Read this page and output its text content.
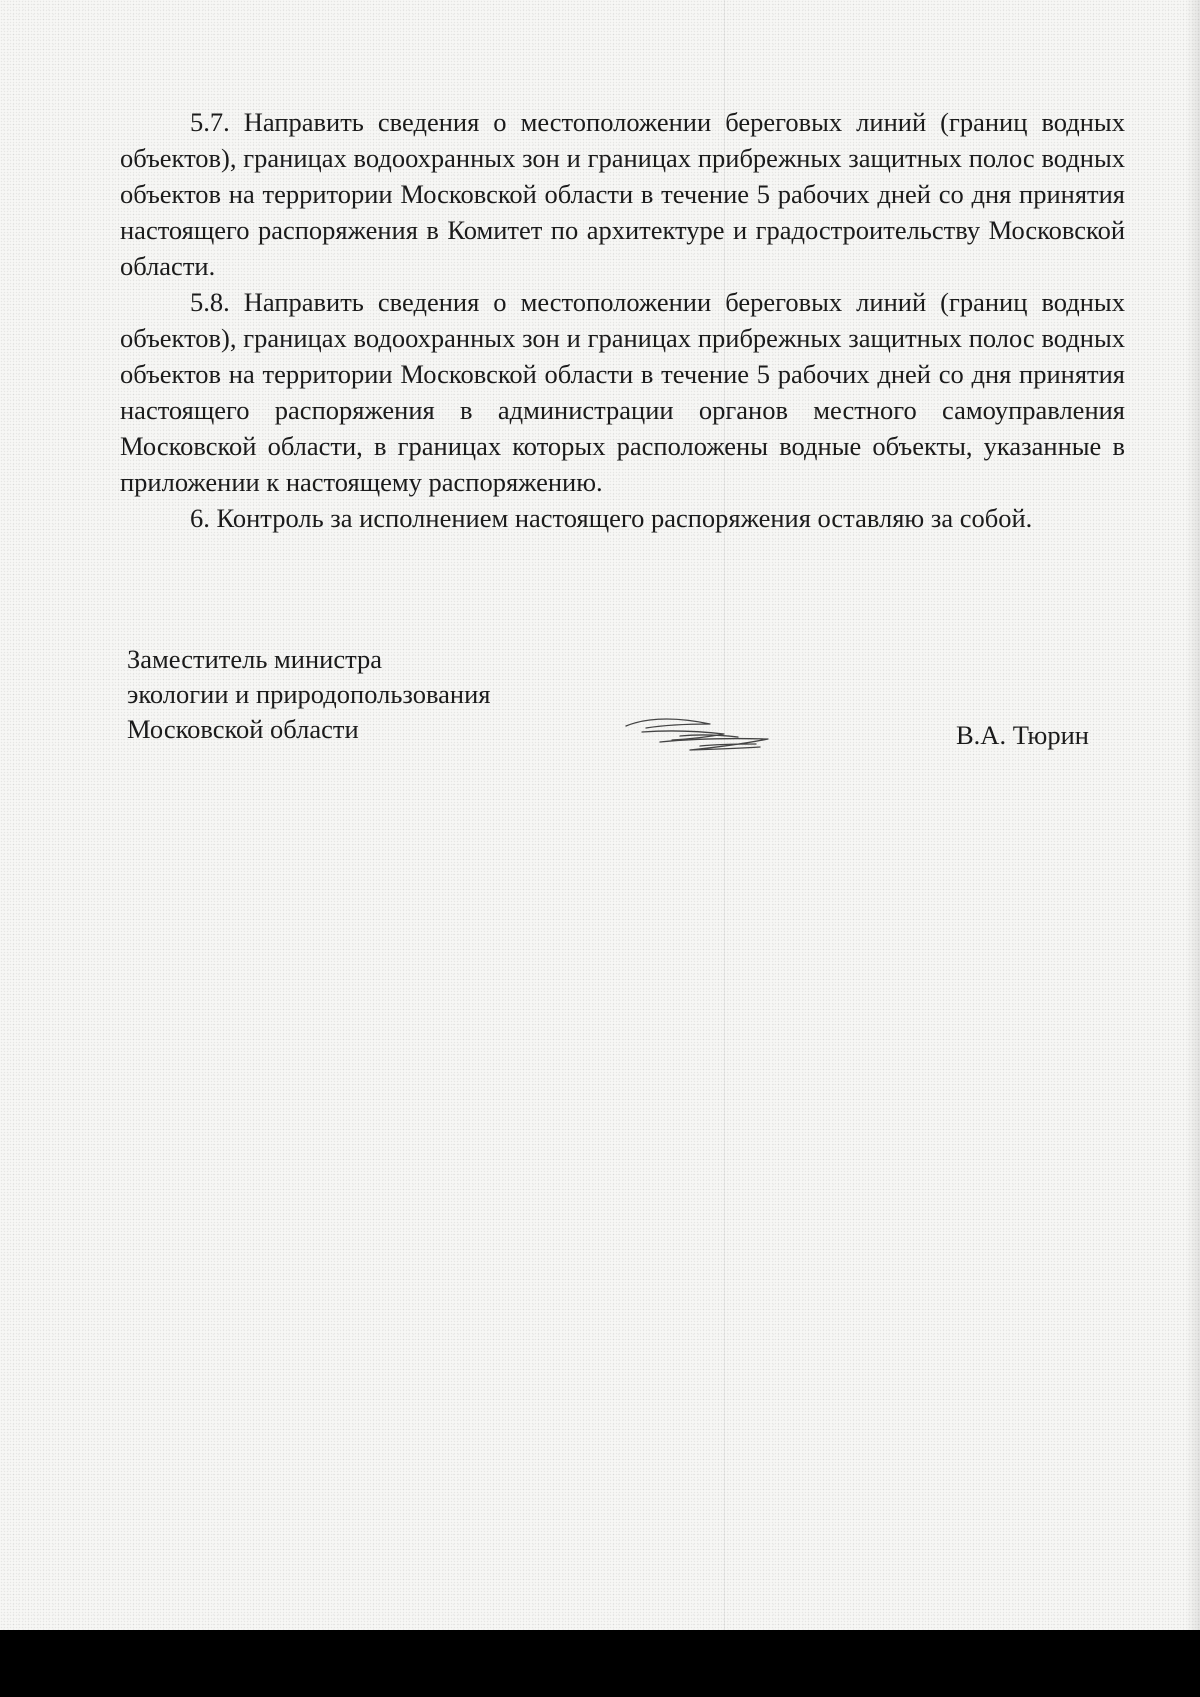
5.7. Направить сведения о местоположении береговых линий (границ водных объектов), границах водоохранных зон и границах прибрежных защитных полос водных объектов на территории Московской области в течение 5 рабочих дней со дня принятия настоящего распоряжения в Комитет по архитектуре и градостроительству Московской области.

5.8. Направить сведения о местоположении береговых линий (границ водных объектов), границах водоохранных зон и границах прибрежных защитных полос водных объектов на территории Московской области в течение 5 рабочих дней со дня принятия настоящего распоряжения в администрации органов местного самоуправления Московской области, в границах которых расположены водные объекты, указанные в приложении к настоящему распоряжению.

6. Контроль за исполнением настоящего распоряжения оставляю за собой.

Заместитель министра
экологии и природопользования
Московской области	В.А. Тюрин
